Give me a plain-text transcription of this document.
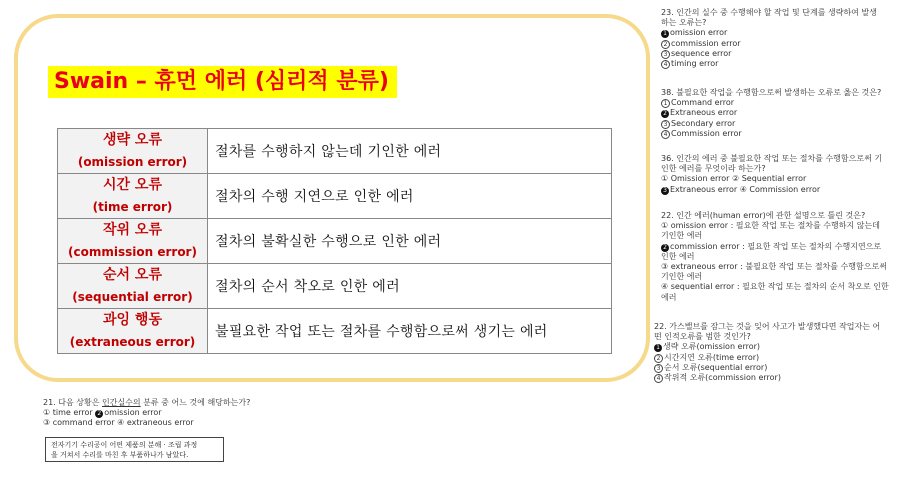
Swain – 휴먼 에러 (심리적 분류)
생략 오류
(omission error)	절차를 수행하지 않는데 기인한 에러

시간 오류
(time error)	절차의 수행 지연으로 인한 에러

작위 오류
(commission error)	절차의 불확실한 수행으로 인한 에러

순서 오류
(sequential error)	절차의 순서 착오로 인한 에러

과잉 행동
(extraneous error)	불필요한 작업 또는 절차를 수행함으로써 생기는 에러
23. 인간의 실수 중 수행해야 할 작업 및 단계를 생략하여 발생
하는 오류는?
1 omission error
2 commission error
3 sequence error
4 timing error
38. 불필요한 작업을 수행함으로써 발생하는 오류로 옳은 것은?
1 Command error
2 Extraneous error
3 Secondary error
4 Commission error
36. 인간의 에러 중 불필요한 작업 또는 절차를 수행함으로써 기
인한 에러를 무엇이라 하는가?
① Omission error ② Sequential error
3 Extraneous error ④ Commission error
22. 인간 에러(human error)에 관한 설명으로 틀린 것은?
① omission error : 필요한 작업 또는 절차를 수행하지 않는데
기인한 에러
2 commission error : 필요한 작업 또는 절차의 수행지연으로
인한 에러
③ extraneous error : 불필요한 작업 또는 절차를 수행함으로써
기인한 에러
④ sequential error : 필요한 작업 또는 절차의 순서 착오로 인한
에러
22. 가스밸브를 잠그는 것을 잊어 사고가 발생했다면 작업자는 어
떤 인적오류를 범한 것인가?
1 생략 오류(omission error)
2 시간지연 오류(time error)
3 순서 오류(sequential error)
4 작위적 오류(commission error)
21. 다음 상황은 인간실수의 분류 중 어느 것에 해당하는가?
① time error 2 omission error
③ command error ④ extraneous error
전자기기 수리공이 어떤 제품의 분해 · 조립 과정
을 거쳐서 수리를 마친 후 부품하나가 남았다.
